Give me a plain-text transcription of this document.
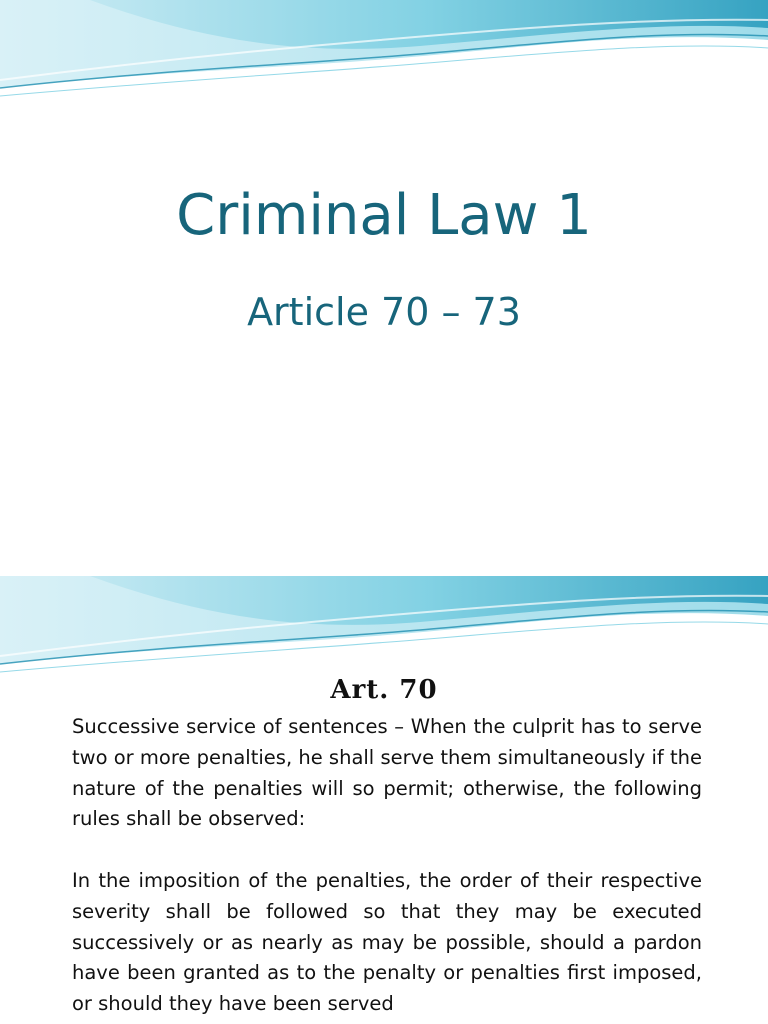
Criminal Law 1
Article 70 – 73
Art. 70

Successive service of sentences – When the culprit has to serve two or more penalties, he shall serve them simultaneously if the nature of the penalties will so permit; otherwise, the following rules shall be observed:

In the imposition of the penalties, the order of their respective severity shall be followed so that they may be executed successively or as nearly as may be possible, should a pardon have been granted as to the penalty or penalties first imposed, or should they have been served
